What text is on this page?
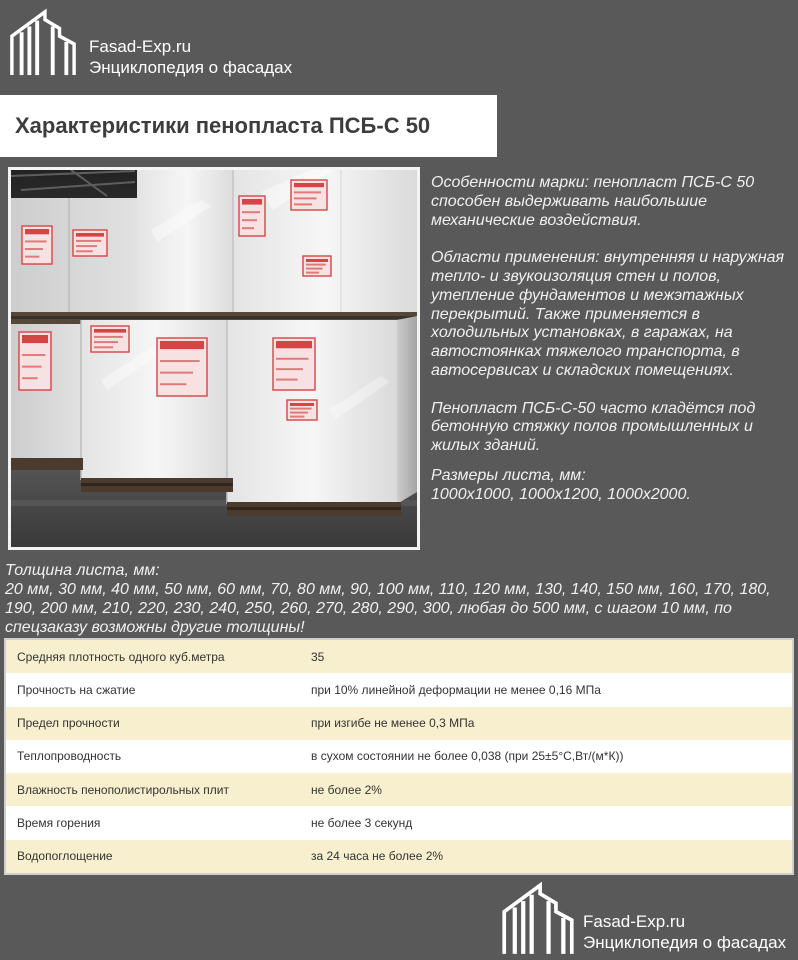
Fasad-Exp.ru
Энциклопедия о фасадах
Характеристики пенопласта ПСБ-С 50

Особенности марки: пенопласт ПСБ-С 50
способен выдерживать наибольшие
механические воздействия.

Области применения: внутренняя и наружная
тепло- и звукоизоляция стен и полов,
утепление фундаментов и межэтажных
перекрытий. Также применяется в
холодильных установках, в гаражах, на
автостоянках тяжелого транспорта, в
автосервисах и складских помещениях.

Пенопласт ПСБ-С-50 часто кладётся под
бетонную стяжку полов промышленных и
жилых зданий.

Размеры листа, мм:
1000х1000, 1000х1200, 1000х2000.

Толщина листа, мм:
20 мм, 30 мм, 40 мм, 50 мм, 60 мм, 70, 80 мм, 90, 100 мм, 110, 120 мм, 130, 140, 150 мм, 160, 170, 180,
190, 200 мм, 210, 220, 230, 240, 250, 260, 270, 280, 290, 300, любая до 500 мм, с шагом 10 мм, по
спецзаказу возможны другие толщины!

Средняя плотность одного куб.метра	35
Прочность на сжатие	при 10% линейной деформации не менее 0,16 МПа
Предел прочности	при изгибе не менее 0,3 МПа
Теплопроводность	в сухом состоянии не более 0,038 (при 25±5°С,Вт/(м*К))
Влажность пенополистирольных плит	не более 2%
Время горения	не более 3 секунд
Водопоглощение	за 24 часа не более 2%
Fasad-Exp.ru
Энциклопедия о фасадах
